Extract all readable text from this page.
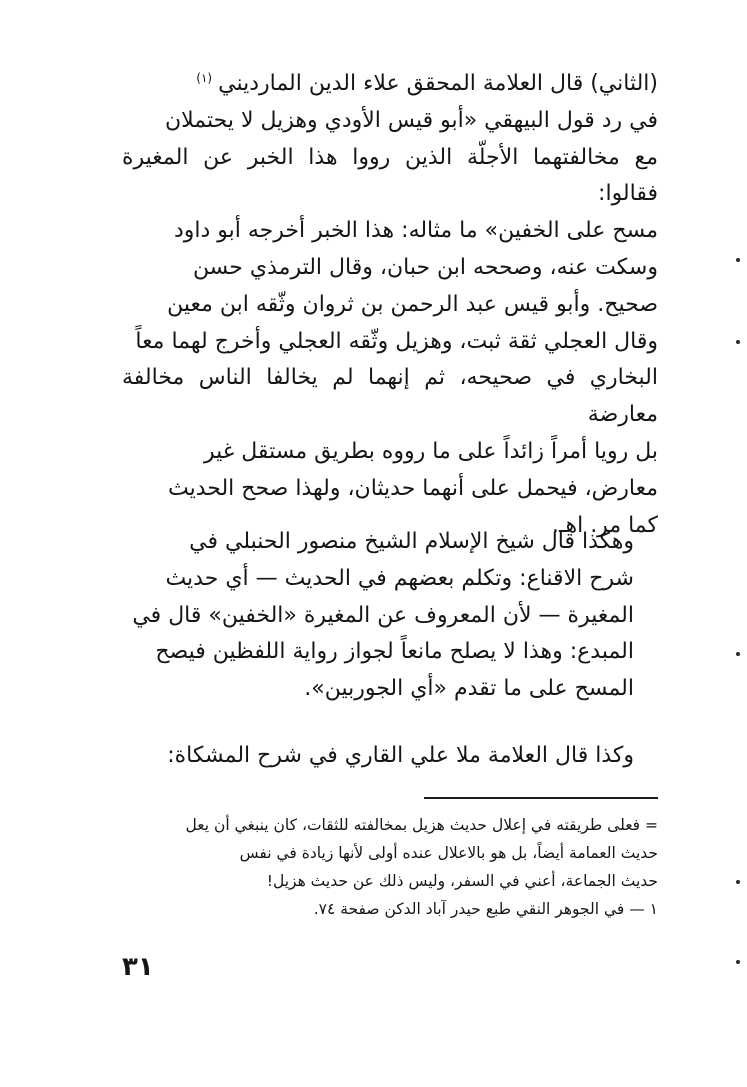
(الثاني) قال العلامة المحقق علاء الدين المارديني$^{(١)}$

في رد قول البيهقي «أبو قيس الأودي وهزيل لا يحتملان

مع مخالفتهما الأجلّة الذين رووا هذا الخبر عن المغيرة فقالوا:

مسح على الخفين» ما مثاله: هذا الخبر أخرجه أبو داود

وسكت عنه، وصححه ابن حبان، وقال الترمذي حسن

صحيح. وأبو قيس عبد الرحمن بن ثروان وثّقه ابن معين

وقال العجلي ثقة ثبت، وهزيل وثّقه العجلي وأخرج لهما معاً

البخاري في صحيحه، ثم إنهما لم يخالفا الناس مخالفة معارضة

بل رويا أمراً زائداً على ما رووه بطريق مستقل غير

معارض، فيحمل على أنهما حديثان، ولهذا صحح الحديث

كما مر. اهـ.

وهكذا قال شيخ الإسلام الشيخ منصور الحنبلي في

شرح الاقناع: وتكلم بعضهم في الحديث — أي حديث

المغيرة — لأن المعروف عن المغيرة «الخفين» قال في

المبدع: وهذا لا يصلح مانعاً لجواز رواية اللفظين فيصح

المسح على ما تقدم «أي الجوربين».

وكذا قال العلامة ملا علي القاري في شرح المشكاة:

= فعلى طريقته في إعلال حديث هزيل بمخالفته للثقات، كان ينبغي أن يعل

حديث العمامة أيضاً، بل هو بالاعلال عنده أولى لأنها زيادة في نفس

حديث الجماعة، أعني في السفر، وليس ذلك عن حديث هزيل!

١ — في الجوهر النقي طبع حيدر آباد الدكن صفحة ٧٤.

٣١
